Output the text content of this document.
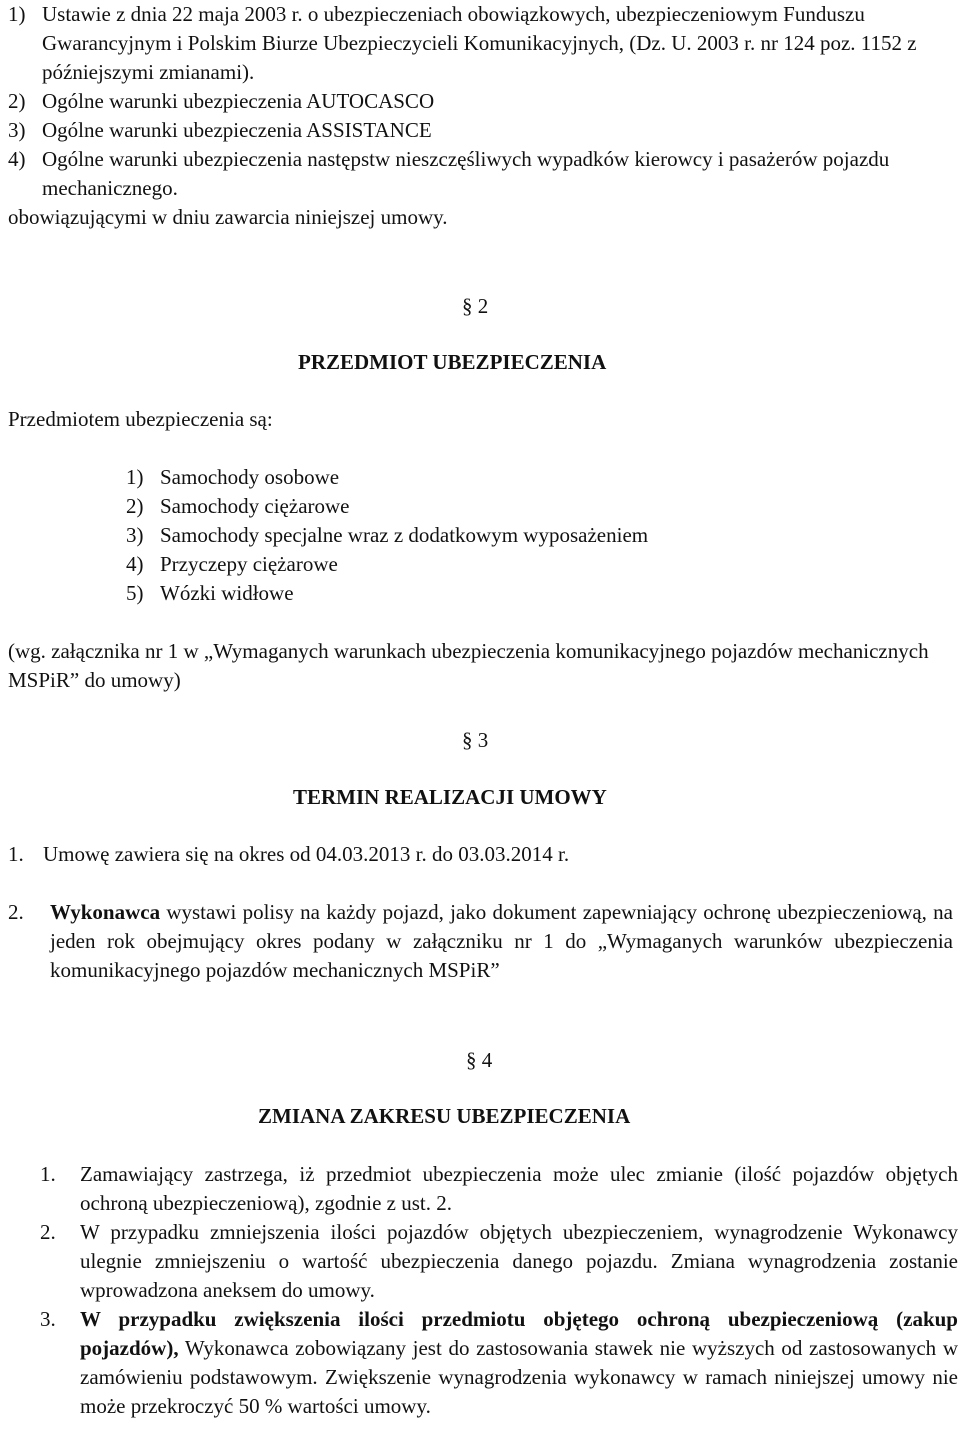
1) Ustawie z dnia 22 maja 2003 r. o ubezpieczeniach obowiązkowych, ubezpieczeniowym Funduszu Gwarancyjnym i Polskim Biurze Ubezpieczycieli Komunikacyjnych, (Dz. U. 2003 r. nr 124 poz. 1152 z późniejszymi zmianami).
2) Ogólne warunki ubezpieczenia AUTOCASCO
3) Ogólne warunki ubezpieczenia ASSISTANCE
4) Ogólne warunki ubezpieczenia następstw nieszczęśliwych wypadków kierowcy i pasażerów pojazdu mechanicznego.
obowiązującymi w dniu zawarcia niniejszej umowy.
§ 2
PRZEDMIOT UBEZPIECZENIA
Przedmiotem ubezpieczenia są:
1) Samochody osobowe
2) Samochody ciężarowe
3) Samochody specjalne wraz z dodatkowym wyposażeniem
4) Przyczepy ciężarowe
5) Wózki widłowe
(wg. załącznika nr 1 w „Wymaganych warunkach ubezpieczenia komunikacyjnego pojazdów mechanicznych MSPiR” do umowy)
§ 3
TERMIN REALIZACJI UMOWY
1. Umowę zawiera się na okres od 04.03.2013 r. do 03.03.2014 r.
2. Wykonawca wystawi polisy na każdy pojazd, jako dokument zapewniający ochronę ubezpieczeniową, na jeden rok obejmujący okres podany w załączniku nr 1 do „Wymaganych warunków ubezpieczenia komunikacyjnego pojazdów mechanicznych MSPiR”
§ 4
ZMIANA ZAKRESU UBEZPIECZENIA
1. Zamawiający zastrzega, iż przedmiot ubezpieczenia może ulec zmianie (ilość pojazdów objętych ochroną ubezpieczeniową), zgodnie z ust. 2.
2. W przypadku zmniejszenia ilości pojazdów objętych ubezpieczeniem, wynagrodzenie Wykonawcy ulegnie zmniejszeniu o wartość ubezpieczenia danego pojazdu. Zmiana wynagrodzenia zostanie wprowadzona aneksem do umowy.
3. W przypadku zwiększenia ilości przedmiotu objętego ochroną ubezpieczeniową (zakup pojazdów), Wykonawca zobowiązany jest do zastosowania stawek nie wyższych od zastosowanych w zamówieniu podstawowym. Zwiększenie wynagrodzenia wykonawcy w ramach niniejszej umowy nie może przekroczyć 50 % wartości umowy.
